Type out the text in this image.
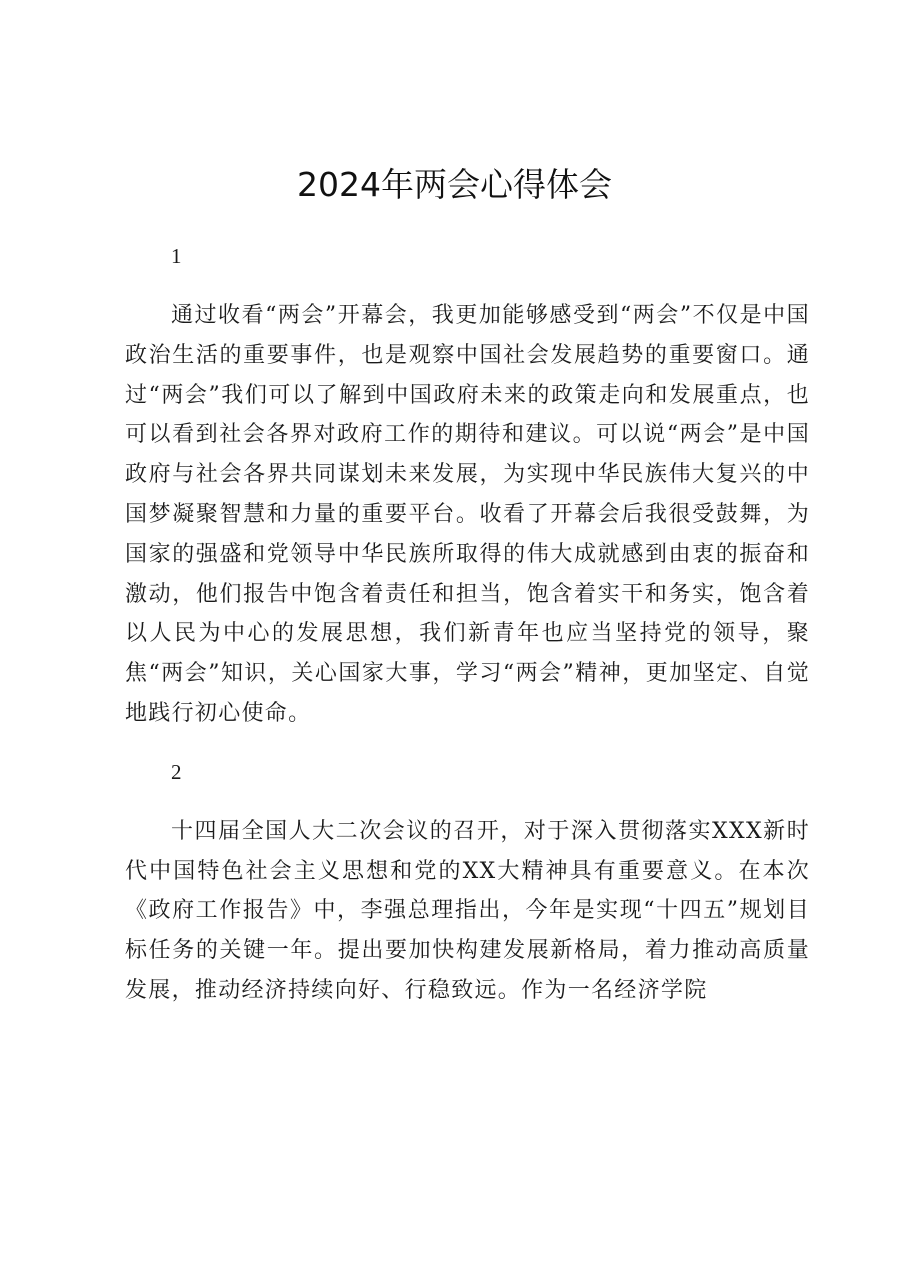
2024年两会心得体会

1

通过收看“两会”开幕会，我更加能够感受到“两会”不仅是中国政治生活的重要事件，也是观察中国社会发展趋势的重要窗口。通过“两会”我们可以了解到中国政府未来的政策走向和发展重点，也可以看到社会各界对政府工作的期待和建议。可以说“两会”是中国政府与社会各界共同谋划未来发展，为实现中华民族伟大复兴的中国梦凝聚智慧和力量的重要平台。收看了开幕会后我很受鼓舞，为国家的强盛和党领导中华民族所取得的伟大成就感到由衷的振奋和激动，他们报告中饱含着责任和担当，饱含着实干和务实，饱含着以人民为中心的发展思想，我们新青年也应当坚持党的领导，聚焦“两会”知识，关心国家大事，学习“两会”精神，更加坚定、自觉地践行初心使命。

2

十四届全国人大二次会议的召开，对于深入贯彻落实XXX新时代中国特色社会主义思想和党的XX大精神具有重要意义。在本次《政府工作报告》中，李强总理指出，今年是实现“十四五”规划目标任务的关键一年。提出要加快构建发展新格局，着力推动高质量发展，推动经济持续向好、行稳致远。作为一名经济学院
